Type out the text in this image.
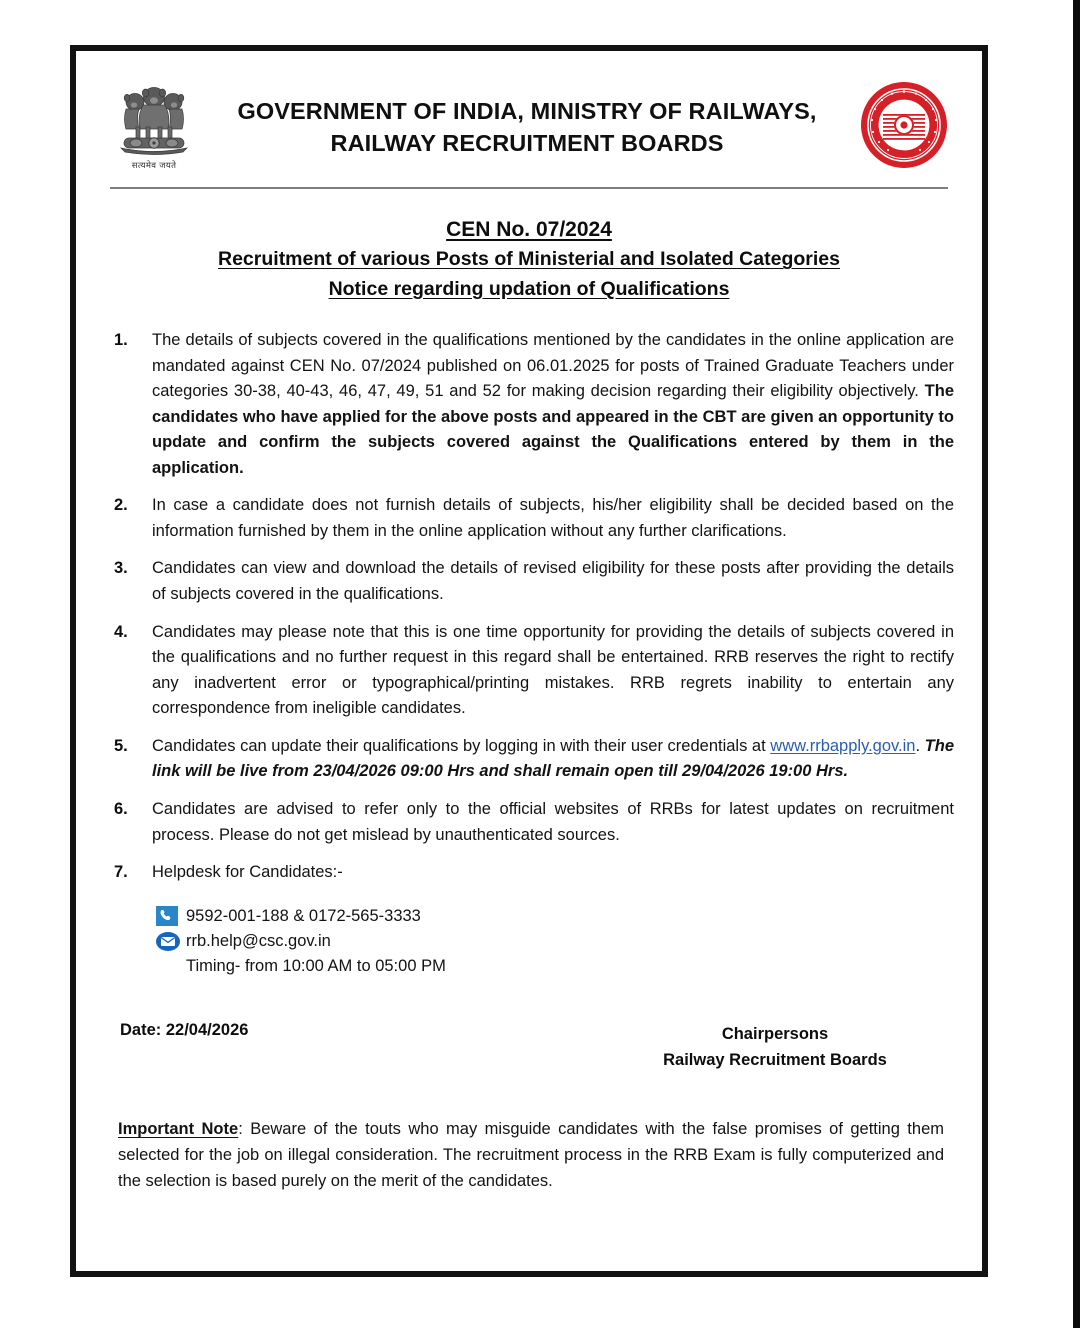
सत्यमेव जयते
GOVERNMENT OF INDIA, MINISTRY OF RAILWAYS,
RAILWAY RECRUITMENT BOARDS
CEN No. 07/2024
Recruitment of various Posts of Ministerial and Isolated Categories
Notice regarding updation of Qualifications
1.	The details of subjects covered in the qualifications mentioned by the candidates in the online application are mandated against CEN No. 07/2024 published on 06.01.2025 for posts of Trained Graduate Teachers under categories 30-38, 40-43, 46, 47, 49, 51 and 52 for making decision regarding their eligibility objectively. The candidates who have applied for the above posts and appeared in the CBT are given an opportunity to update and confirm the subjects covered against the Qualifications entered by them in the application.
2.	In case a candidate does not furnish details of subjects, his/her eligibility shall be decided based on the information furnished by them in the online application without any further clarifications.
3.	Candidates can view and download the details of revised eligibility for these posts after providing the details of subjects covered in the qualifications.
4.	Candidates may please note that this is one time opportunity for providing the details of subjects covered in the qualifications and no further request in this regard shall be entertained. RRB reserves the right to rectify any inadvertent error or typographical/printing mistakes. RRB regrets inability to entertain any correspondence from ineligible candidates.
5.	Candidates can update their qualifications by logging in with their user credentials at www.rrbapply.gov.in. The link will be live from 23/04/2026 09:00 Hrs and shall remain open till 29/04/2026 19:00 Hrs.
6.	Candidates are advised to refer only to the official websites of RRBs for latest updates on recruitment process. Please do not get mislead by unauthenticated sources.
7.	Helpdesk for Candidates:-
9592-001-188 & 0172-565-3333
rrb.help@csc.gov.in
Timing- from 10:00 AM to 05:00 PM
Date: 22/04/2026	Chairpersons
Railway Recruitment Boards
Important Note: Beware of the touts who may misguide candidates with the false promises of getting them selected for the job on illegal consideration. The recruitment process in the RRB Exam is fully computerized and the selection is based purely on the merit of the candidates.
